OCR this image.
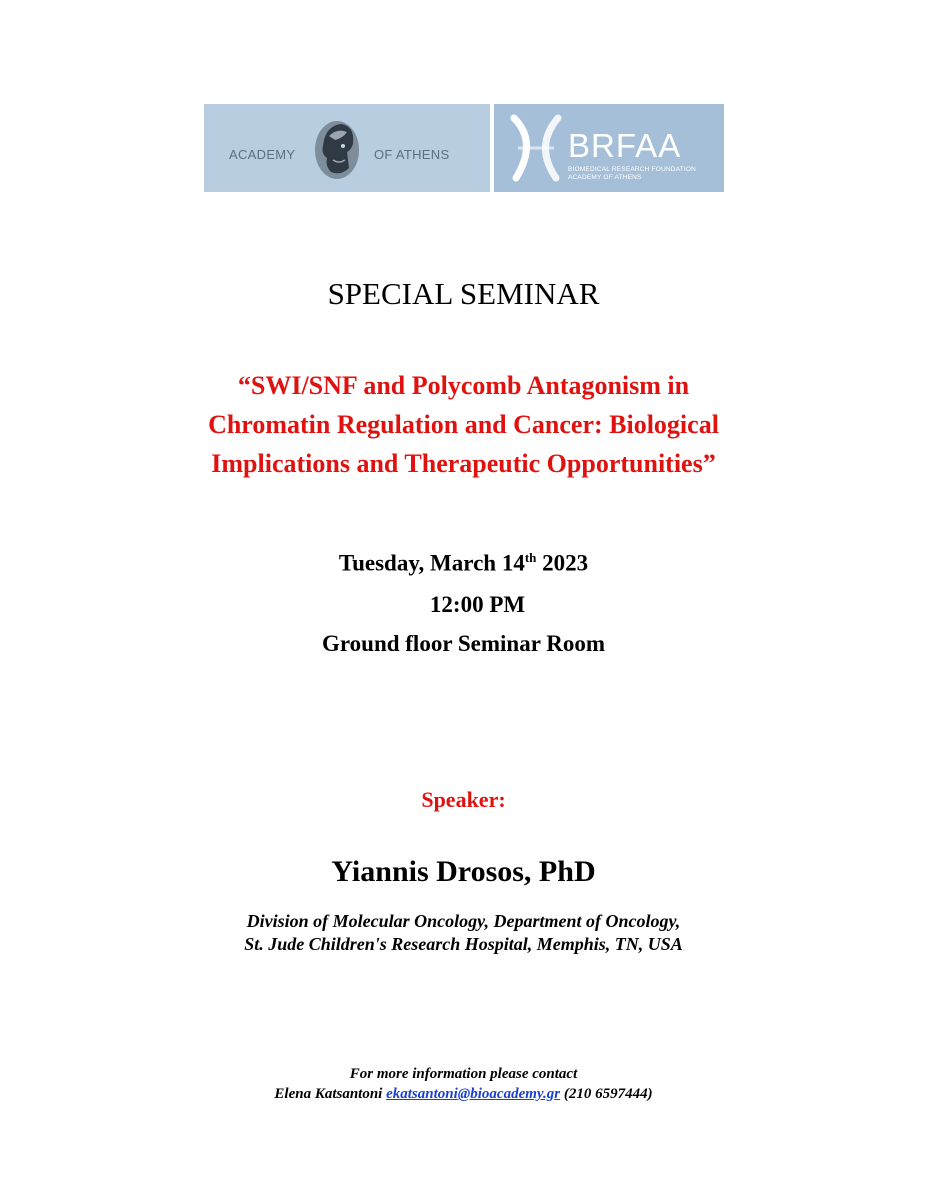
ACADEMY	OF ATHENS	BRFAA
BIOMEDICAL RESEARCH FOUNDATION
ACADEMY OF ATHENS
SPECIAL SEMINAR
“SWI/SNF and Polycomb Antagonism in
Chromatin Regulation and Cancer: Biological
Implications and Therapeutic Opportunities”
Tuesday, March 14th 2023
12:00 PM
Ground floor Seminar Room
Speaker:
Yiannis Drosos, PhD
Division of Molecular Oncology, Department of Oncology,
St. Jude Children's Research Hospital, Memphis, TN, USA
For more information please contact
Elena Katsantoni ekatsantoni@bioacademy.gr (210 6597444)
